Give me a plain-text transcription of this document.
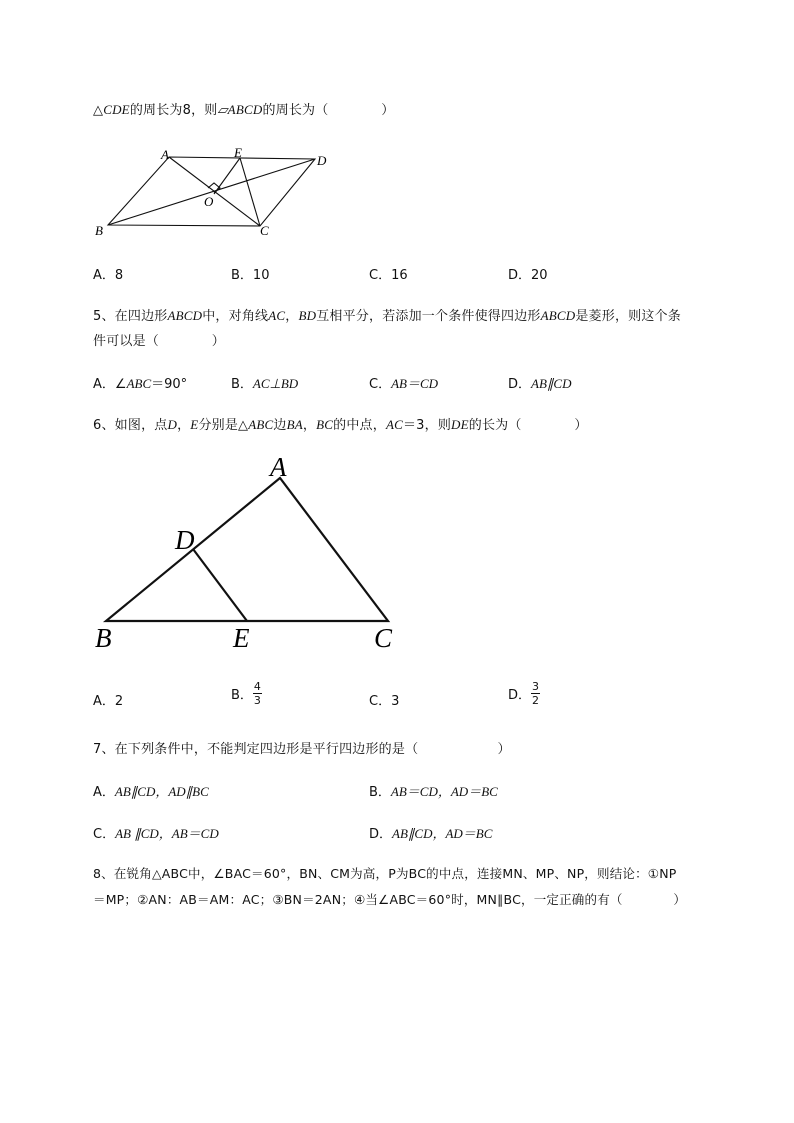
△CDE的周长为8，则▱ABCD的周长为（　　　　）
A	E
D
O
B	C
A．8	B．10	C．16	D．20
5、在四边形ABCD中，对角线AC，BD互相平分，若添加一个条件使得四边形ABCD是菱形，则这个条
件可以是（　　　　）
A．∠ABC＝90°	B．AC⊥BD	C．AB＝CD	D．AB∥CD
6、如图，点D，E分别是△ABC边BA，BC的中点，AC＝3，则DE的长为（　　　　）
A
D
B	E	C
A．2	B． $\frac{4}{3}$	C．3	D． $\frac{3}{2}$
7、在下列条件中，不能判定四边形是平行四边形的是（　　　　　　）
A．AB∥CD，AD∥BC	B．AB＝CD，AD＝BC
C．AB ∥CD，AB＝CD	D．AB∥CD，AD＝BC
8、在锐角△ABC中，∠BAC＝60°，BN、CM为高，P为BC的中点，连接MN、MP、NP，则结论：①NP
＝MP；②AN：AB＝AM：AC；③BN＝2AN；④当∠ABC＝60°时，MN∥BC，一定正确的有（　　　　）
